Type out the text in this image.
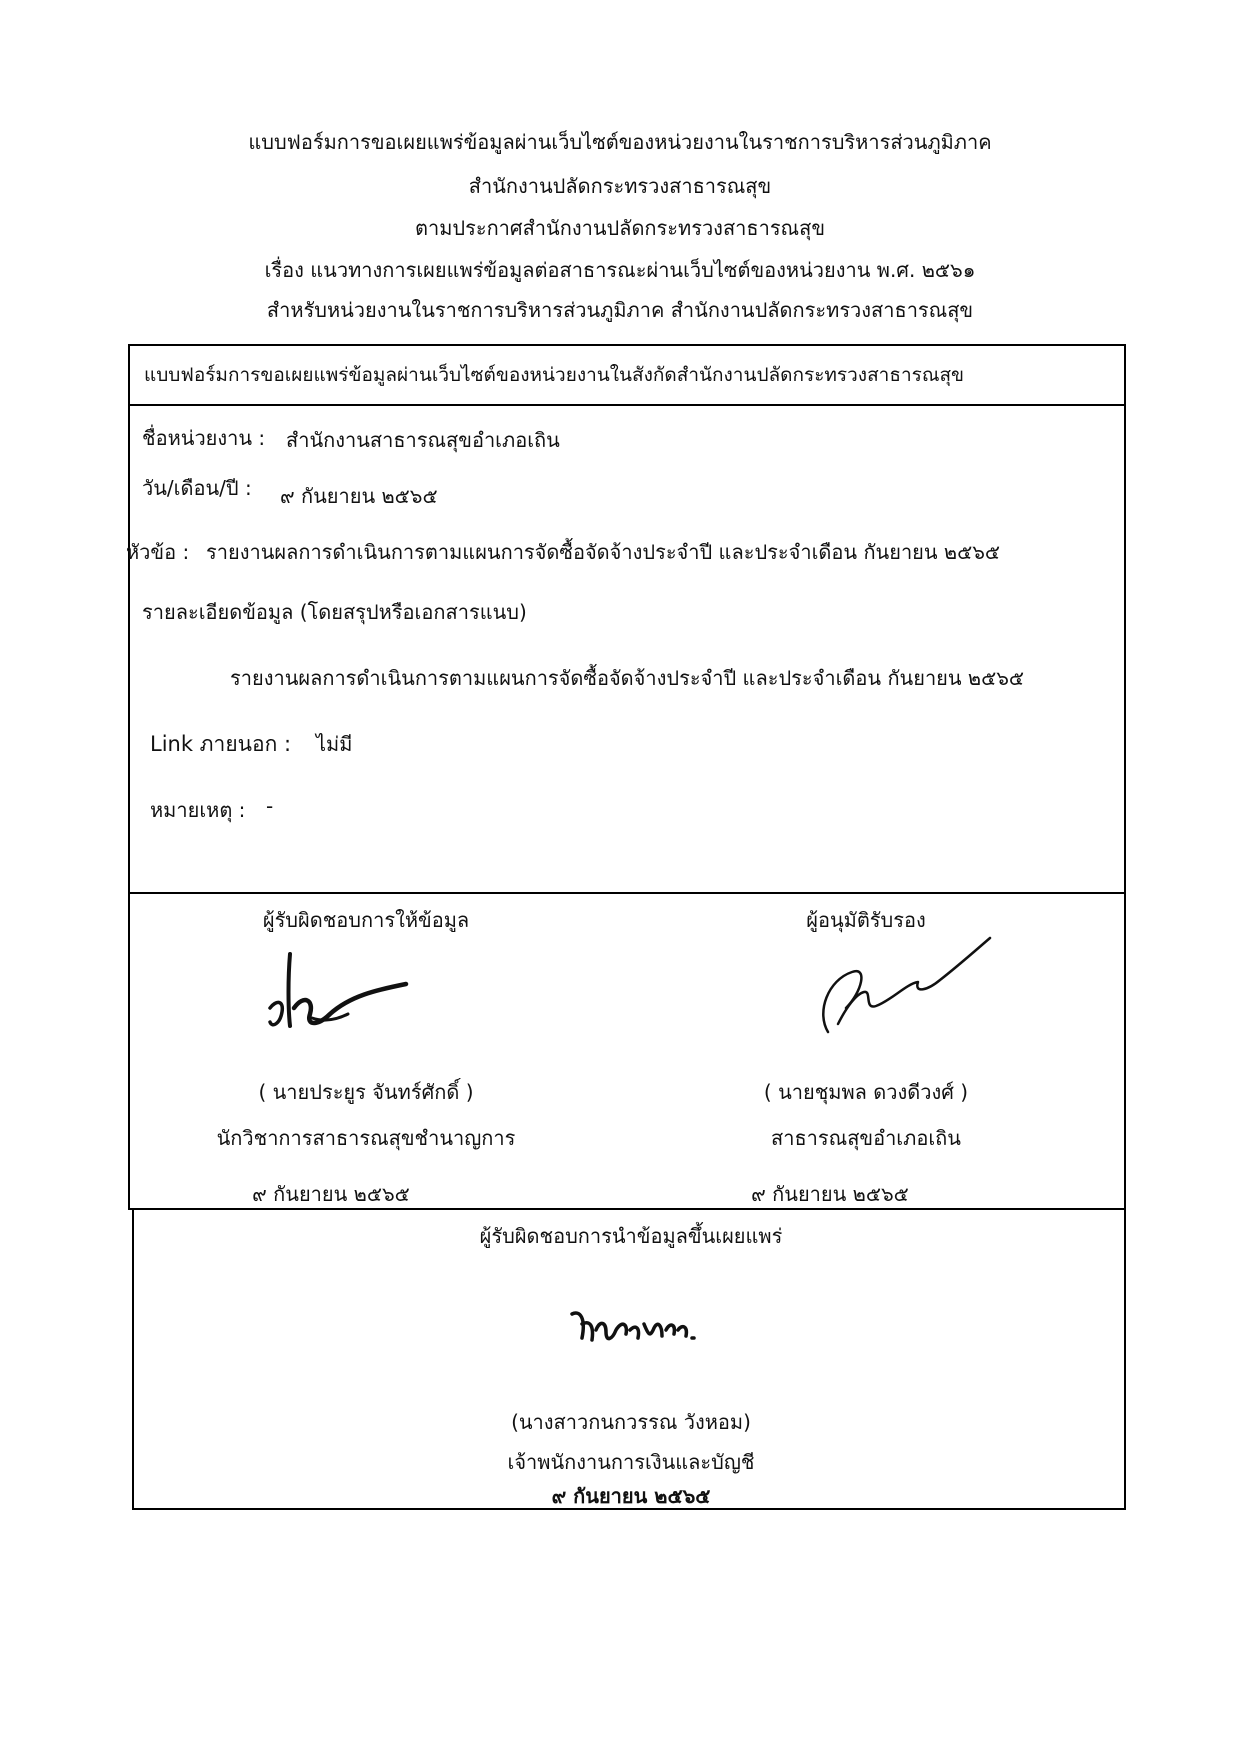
แบบฟอร์มการขอเผยแพร่ข้อมูลผ่านเว็บไซต์ของหน่วยงานในราชการบริหารส่วนภูมิภาค
สำนักงานปลัดกระทรวงสาธารณสุข
ตามประกาศสำนักงานปลัดกระทรวงสาธารณสุข
เรื่อง แนวทางการเผยแพร่ข้อมูลต่อสาธารณะผ่านเว็บไซต์ของหน่วยงาน พ.ศ. ๒๕๖๑
สำหรับหน่วยงานในราชการบริหารส่วนภูมิภาค สำนักงานปลัดกระทรวงสาธารณสุข
แบบฟอร์มการขอเผยแพร่ข้อมูลผ่านเว็บไซต์ของหน่วยงานในสังกัดสำนักงานปลัดกระทรวงสาธารณสุข
ชื่อหน่วยงาน : สำนักงานสาธารณสุขอำเภอเถิน
วัน/เดือน/ปี : ๙ กันยายน ๒๕๖๕
หัวข้อ : รายงานผลการดำเนินการตามแผนการจัดซื้อจัดจ้างประจำปี และประจำเดือน กันยายน ๒๕๖๕
รายละเอียดข้อมูล (โดยสรุปหรือเอกสารแนบ)
รายงานผลการดำเนินการตามแผนการจัดซื้อจัดจ้างประจำปี และประจำเดือน กันยายน ๒๕๖๕
Link ภายนอก : ไม่มี
หมายเหตุ : -
ผู้รับผิดชอบการให้ข้อมูล
( นายประยูร จันทร์ศักดิ์ )
นักวิชาการสาธารณสุขชำนาญการ
๙ กันยายน ๒๕๖๕
ผู้อนุมัติรับรอง
( นายชุมพล ดวงดีวงศ์ )
สาธารณสุขอำเภอเถิน
๙ กันยายน ๒๕๖๕
ผู้รับผิดชอบการนำข้อมูลขึ้นเผยแพร่
(นางสาวกนกวรรณ วังหอม)
เจ้าพนักงานการเงินและบัญชี
๙ กันยายน ๒๕๖๕
